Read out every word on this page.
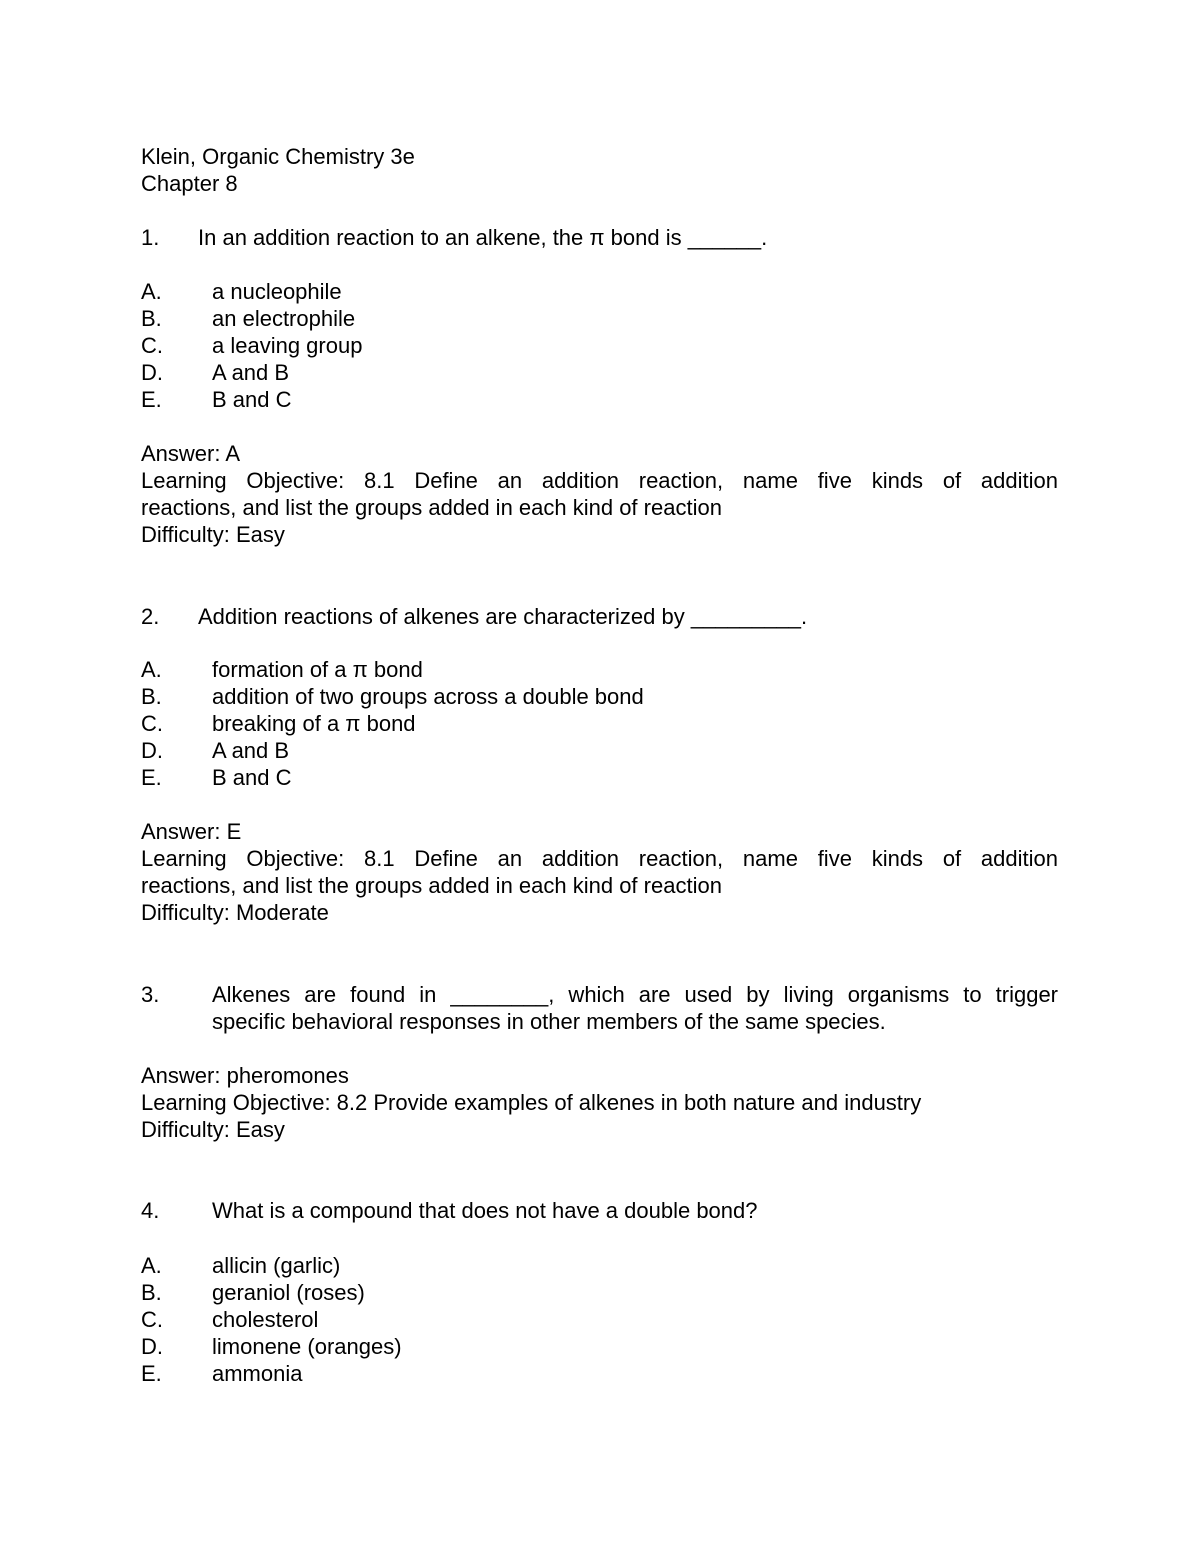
Klein, Organic Chemistry 3e
Chapter 8
1. In an addition reaction to an alkene, the π bond is ______.
A. a nucleophile
B. an electrophile
C. a leaving group
D. A and B
E. B and C
Answer: A
Learning Objective: 8.1 Define an addition reaction, name five kinds of addition
reactions, and list the groups added in each kind of reaction
Difficulty: Easy
2. Addition reactions of alkenes are characterized by _________.
A. formation of a π bond
B. addition of two groups across a double bond
C. breaking of a π bond
D. A and B
E. B and C
Answer: E
Learning Objective: 8.1 Define an addition reaction, name five kinds of addition
reactions, and list the groups added in each kind of reaction
Difficulty: Moderate
3. Alkenes are found in ________, which are used by living organisms to trigger
specific behavioral responses in other members of the same species.
Answer: pheromones
Learning Objective: 8.2 Provide examples of alkenes in both nature and industry
Difficulty: Easy
4. What is a compound that does not have a double bond?
A. allicin (garlic)
B. geraniol (roses)
C. cholesterol
D. limonene (oranges)
E. ammonia
